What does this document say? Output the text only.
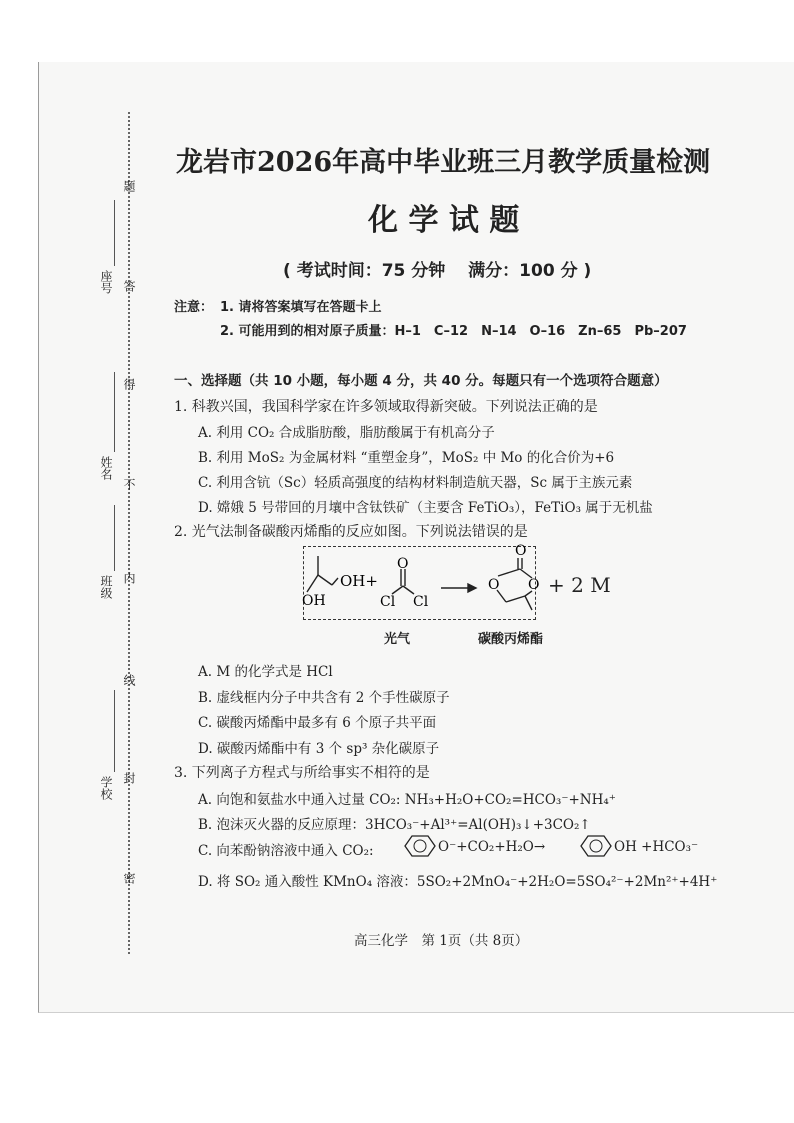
题
答
得
不
内
线
封
密
座号
姓名
班级
学校
龙岩市2026年高中毕业班三月教学质量检测
化 学 试 题
( 考试时间：75 分钟　 满分：100 分 )
注意： 1. 请将答案填写在答题卡上
2. 可能用到的相对原子质量：H–1　C–12　N–14　O–16　Zn–65　Pb–207
一、选择题（共 10 小题，每小题 4 分，共 40 分。每题只有一个选项符合题意）
1. 科教兴国，我国科学家在许多领域取得新突破。下列说法正确的是
A. 利用 CO₂ 合成脂肪酸，脂肪酸属于有机高分子
B. 利用 MoS₂ 为金属材料 “重塑金身”，MoS₂ 中 Mo 的化合价为+6
C. 利用含钪（Sc）轻质高强度的结构材料制造航天器，Sc 属于主族元素
D. 嫦娥 5 号带回的月壤中含钛铁矿（主要含 FeTiO₃），FeTiO₃ 属于无机盐
2. 光气法制备碳酸丙烯酯的反应如图。下列说法错误的是
OH+
OH
O
Cl Cl
O
O O + 2 M
光气	碳酸丙烯酯
A. M 的化学式是 HCl
B. 虚线框内分子中共含有 2 个手性碳原子
C. 碳酸丙烯酯中最多有 6 个原子共平面
D. 碳酸丙烯酯中有 3 个 sp³ 杂化碳原子
3. 下列离子方程式与所给事实不相符的是
A. 向饱和氨盐水中通入过量 CO₂: NH₃+H₂O+CO₂=HCO₃⁻+NH₄⁺
B. 泡沫灭火器的反应原理：3HCO₃⁻+Al³⁺=Al(OH)₃↓+3CO₂↑
C. 向苯酚钠溶液中通入 CO₂:	O⁻+CO₂+H₂O→	OH +HCO₃⁻
D. 将 SO₂ 通入酸性 KMnO₄ 溶液：5SO₂+2MnO₄⁻+2H₂O=5SO₄²⁻+2Mn²⁺+4H⁺
高三化学　第 1页（共 8页）
